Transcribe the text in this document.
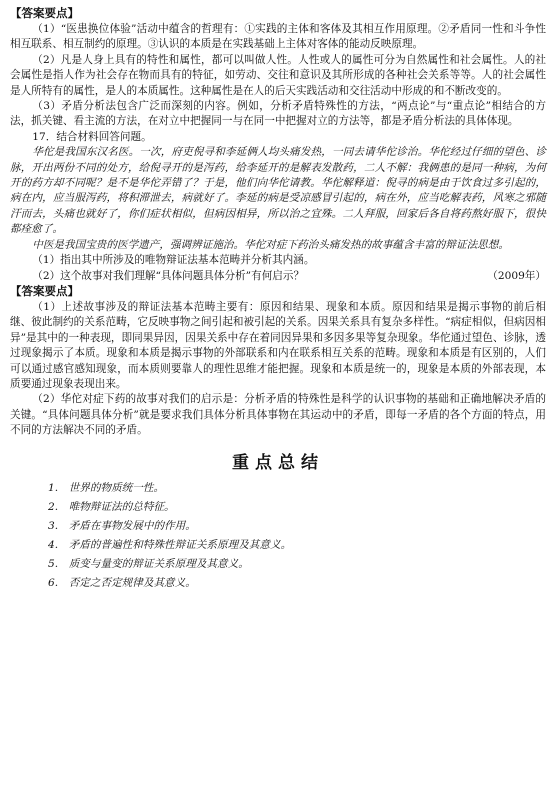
【答案要点】

（1）“医患换位体验”活动中蕴含的哲理有：①实践的主体和客体及其相互作用原理。②矛盾同一性和斗争性相互联系、相互制约的原理。③认识的本质是在实践基础上主体对客体的能动反映原理。

（2）凡是人身上具有的特性和属性，都可以叫做人性。人性或人的属性可分为自然属性和社会属性。人的社会属性是指人作为社会存在物而具有的特征，如劳动、交往和意识及其所形成的各种社会关系等等。人的社会属性是人所特有的属性，是人的本质属性。这种属性是在人的后天实践活动和交往活动中形成的和不断改变的。

（3）矛盾分析法包含广泛而深刻的内容。例如，分析矛盾特殊性的方法，“两点论”与“重点论”相结合的方法，抓关键、看主流的方法，在对立中把握同一与在同一中把握对立的方法等，都是矛盾分析法的具体体现。

17．结合材料回答问题。

华佗是我国东汉名医。一次，府吏倪寻和李延俩人均头痛发热，一同去请华佗诊治。华佗经过仔细的望色、诊脉，开出两份不同的处方，给倪寻开的是泻药，给李延开的是解表发散药，二人不解：我俩患的是同一种病，为何开的药方却不同呢？是不是华佗弄错了？于是，他们向华佗请教。华佗解释道：倪寻的病是由于饮食过多引起的，病在内，应当服泻药，将积滞泄去，病就好了。李延的病是受凉感冒引起的，病在外，应当吃解表药，风寒之邪随汗而去，头痛也就好了，你们症状相似，但病因相异，所以治之宜殊。二人拜服，回家后各自将药熬好服下，很快都痊愈了。

中医是我国宝贵的医学遗产，强调辨证施治。华佗对症下药治头痛发热的故事蕴含丰富的辩证法思想。

（1）指出其中所涉及的唯物辩证法基本范畴并分析其内涵。

（2）这个故事对我们理解“具体问题具体分析”有何启示？	（2009年）

【答案要点】

（1）上述故事涉及的辩证法基本范畴主要有：原因和结果、现象和本质。原因和结果是揭示事物的前后相继、彼此制约的关系范畴，它反映事物之间引起和被引起的关系。因果关系具有复杂多样性。“病症相似，但病因相异”是其中的一种表现，即同果异因，因果关系中存在着同因异果和多因多果等复杂现象。华佗通过望色、诊脉，透过现象揭示了本质。现象和本质是揭示事物的外部联系和内在联系相互关系的范畴。现象和本质是有区别的，人们可以通过感官感知现象，而本质则要靠人的理性思维才能把握。现象和本质是统一的，现象是本质的外部表现，本质要通过现象表现出来。

（2）华佗对症下药的故事对我们的启示是：分析矛盾的特殊性是科学的认识事物的基础和正确地解决矛盾的关键。“具体问题具体分析”就是要求我们具体分析具体事物在其运动中的矛盾，即每一矛盾的各个方面的特点，用不同的方法解决不同的矛盾。

重点总结
1.　世界的物质统一性。
2.　唯物辩证法的总特征。
3.　矛盾在事物发展中的作用。
4.　矛盾的普遍性和特殊性辩证关系原理及其意义。
5.　质变与量变的辩证关系原理及其意义。
6.　否定之否定规律及其意义。
